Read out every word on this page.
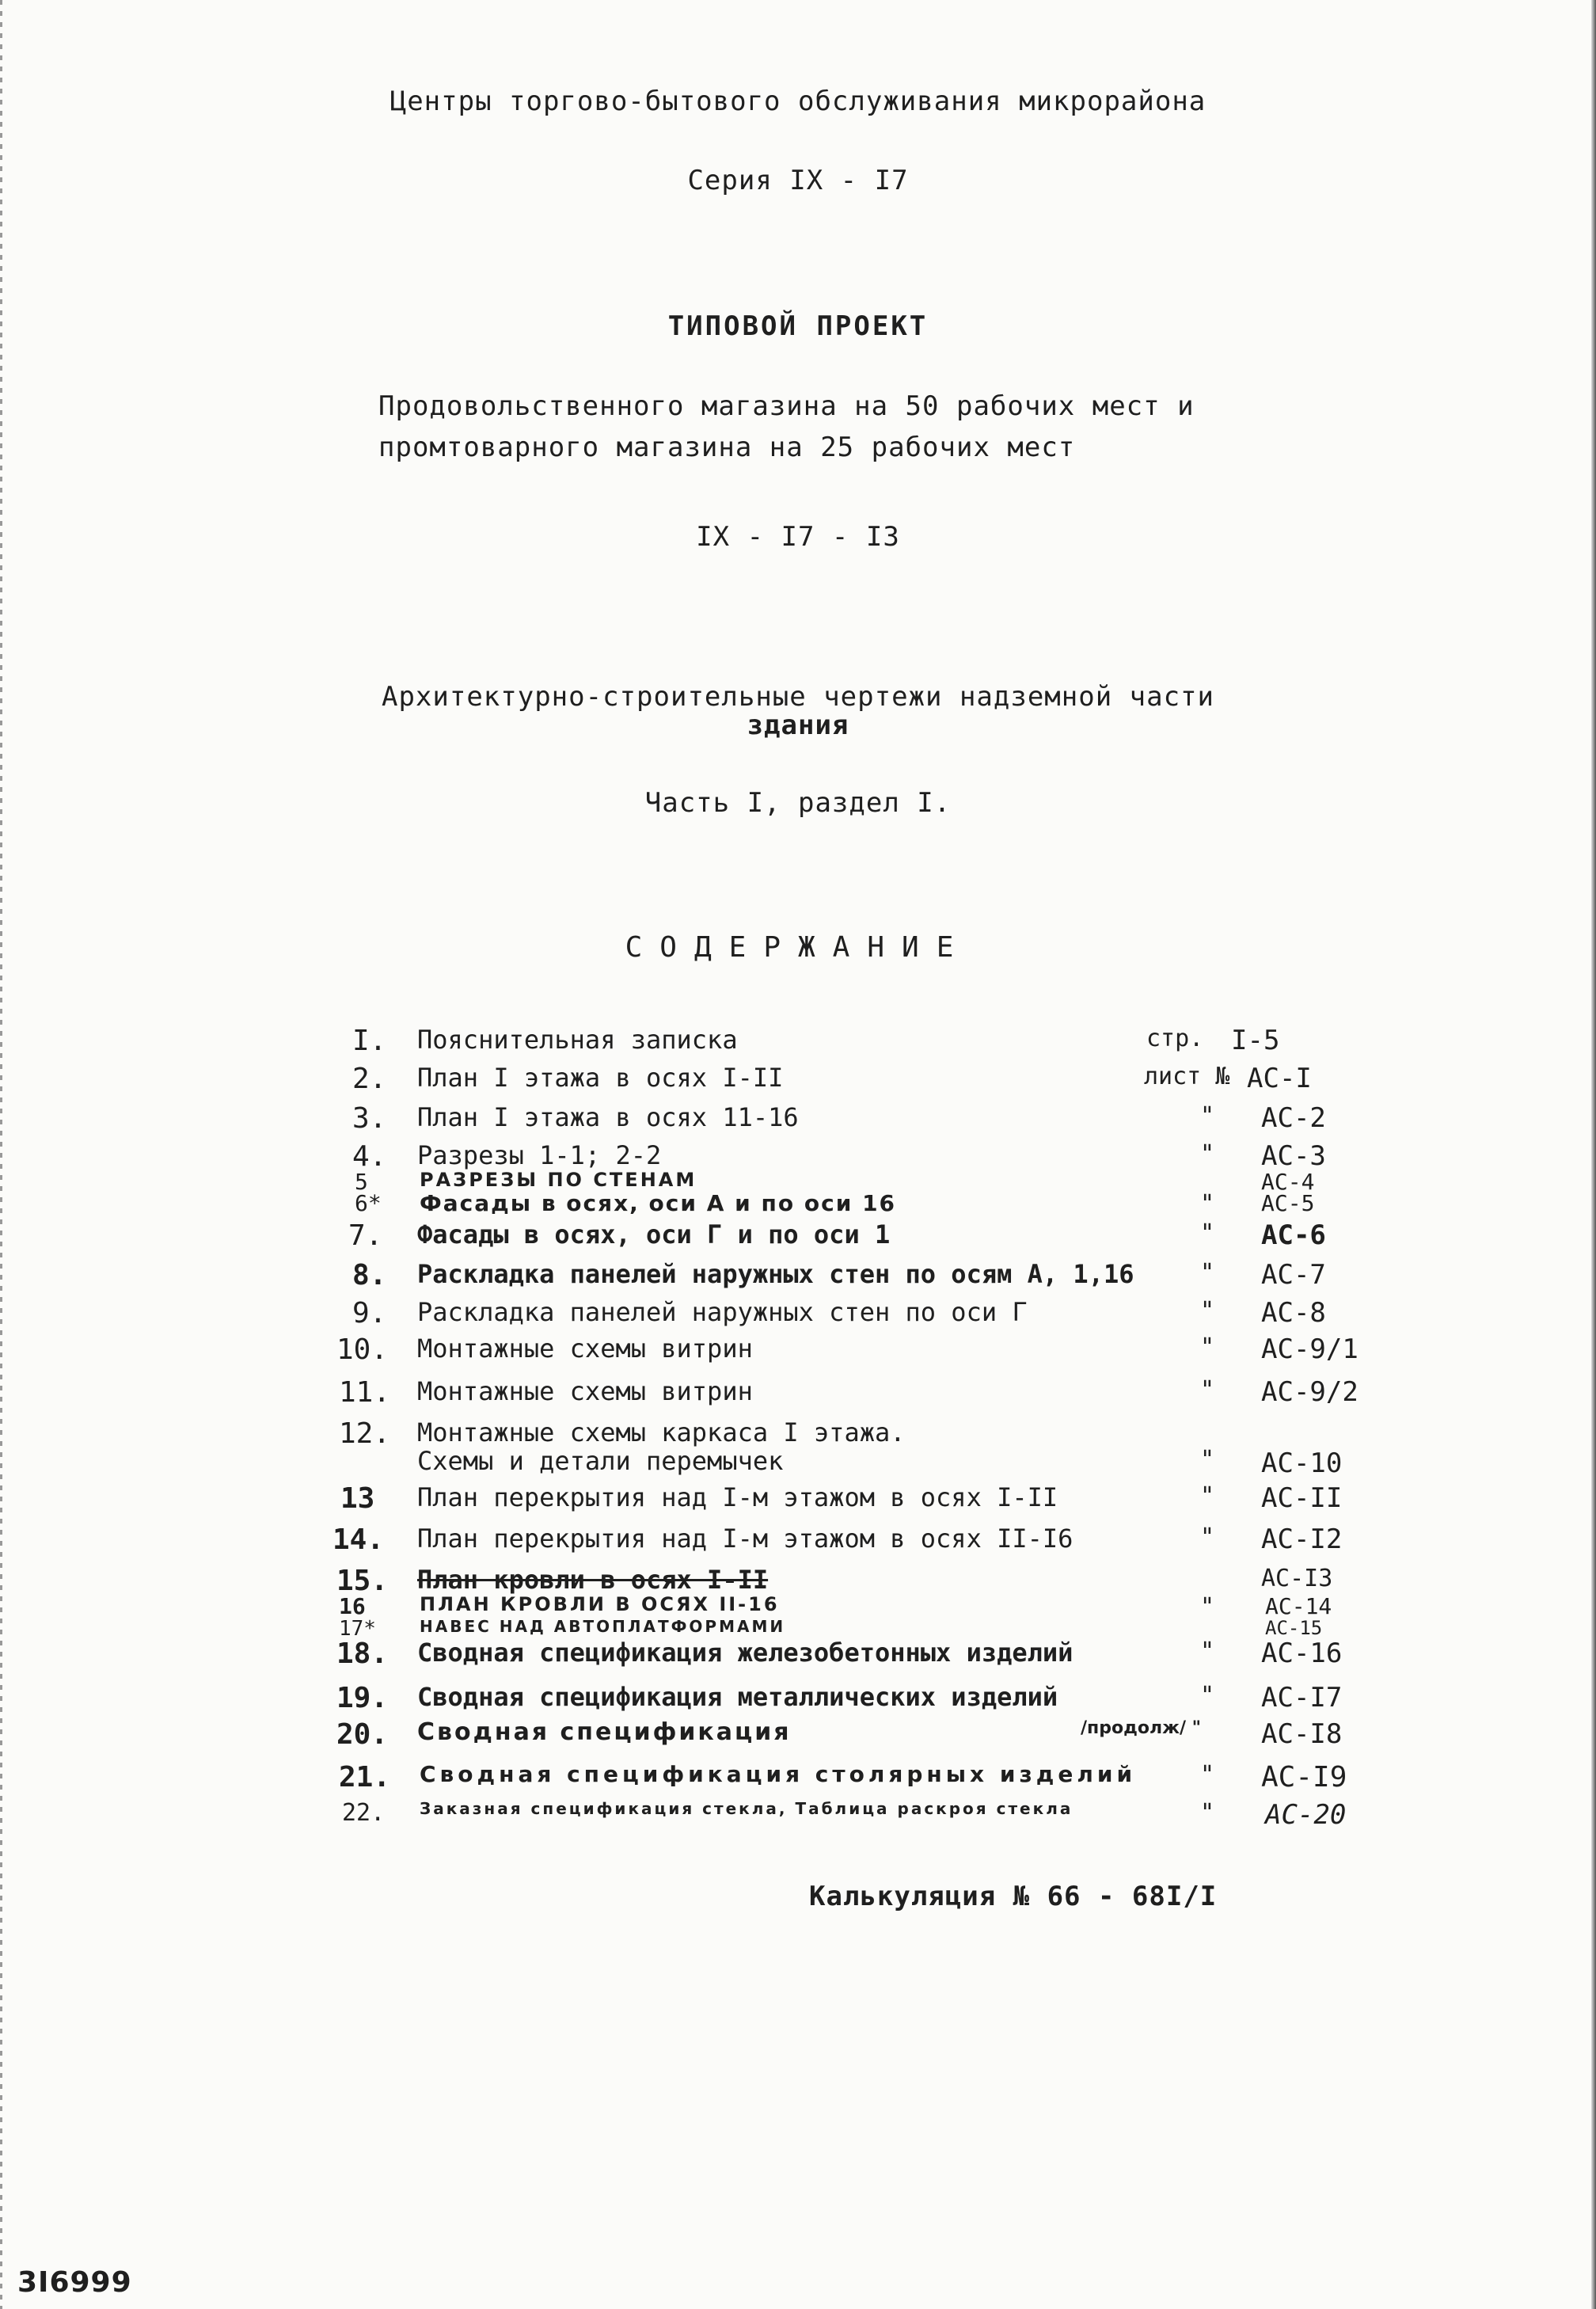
Центры торгово-бытового обслуживания микрорайона
Серия IX - I7
ТИПОВОЙ ПРОЕКТ
Продовольственного магазина на 50 рабочих мест и
промтоварного магазина на 25 рабочих мест
IX - I7 - I3
Архитектурно-строительные чертежи надземной части
здания
Часть I, раздел I.
СОДЕРЖАНИЕ
I. Пояснительная записка	стр.	I-5
2. План I этажа в осях I-II	лист № АС-I
3. План I этажа в осях 11-16	"	АС-2
4. Разрезы 1-1; 2-2	"	АС-3
5	РАЗРЕЗЫ ПО СТЕНАМ	АС-4
6* Фасады в осях, оси А и по оси 16	"	АС-5
7. Фасады в осях, оси Г и по оси 1	"	АС-6
8. Раскладка панелей наружных стен по осям А, 1,16	"	АС-7
9. Раскладка панелей наружных стен по оси Г	"	АС-8
10. Монтажные схемы витрин	"	АС-9/1
11. Монтажные схемы витрин	"	АС-9/2
12. Монтажные схемы каркаса I этажа.
Схемы и детали перемычек	"	АС-10
13 План перекрытия над I-м этажом в осях I-II	"	АС-II
14. План перекрытия над I-м этажом в осях II-I6	"	АС-I2
15. План кровли в осях I-II	АС-I3
16	ПЛАН КРОВЛИ В ОСЯХ II-16	"	АС-14
17*	НАВЕС НАД АВТОПЛАТФОРМАМИ	АС-15
18. Сводная спецификация железобетонных изделий	"	АС-16
19. Сводная спецификация металлических изделий	"	АС-I7
20. Сводная спецификация	/продолж/ "	АС-I8
21. Сводная спецификация столярных изделий	"	АС-I9
22. Заказная спецификация стекла, Таблица раскроя стекла	"	АС-20
Калькуляция № 66 - 68I/I
3I6999
